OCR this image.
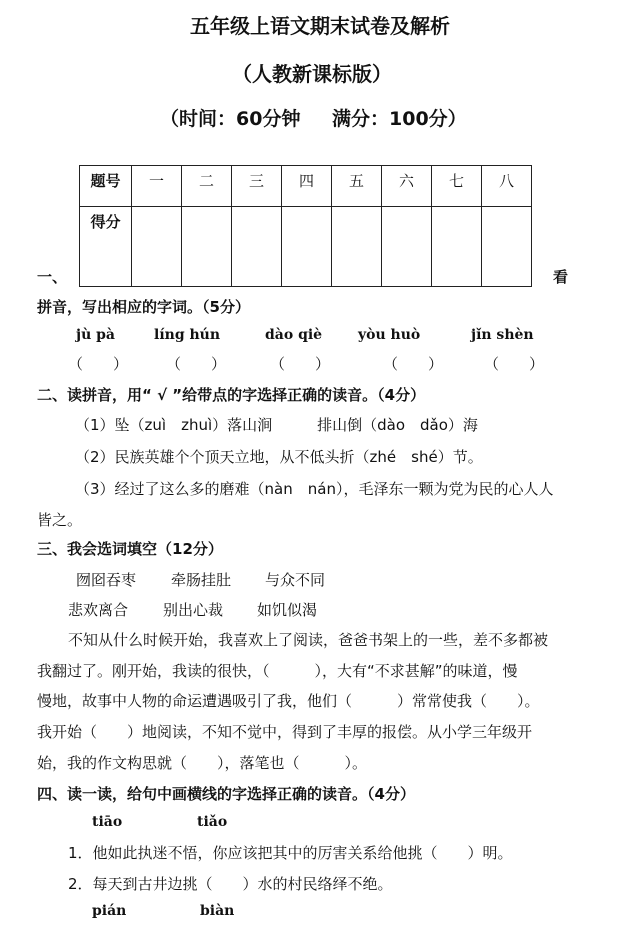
五年级上语文期末试卷及解析
（人教新课标版）
（时间：60分钟 满分：100分）
题号	一	二	三	四	五	六	七	八
得分								
一、	看
拼音，写出相应的字词。（5分）
jù pà	líng hún	dào qiè	yòu huò	jǐn shèn
（　　）	（　　）	（　　）	（　　）	（　　）
二、读拼音，用“ √ ”给带点的字选择正确的读音。（4分）
（1）坠（zuì　zhuì）落山涧　　　排山倒（dào　dǎo）海
（2）民族英雄个个顶天立地，从不低头折（zhé　shé）节。
（3）经过了这么多的磨难（nàn　nán），毛泽东一颗为党为民的心人人
皆之。
三、我会选词填空（12分）
囫囵吞枣 牵肠挂肚 与众不同
悲欢离合 别出心裁 如饥似渴
不知从什么时候开始，我喜欢上了阅读，爸爸书架上的一些，差不多都被
我翻过了。刚开始，我读的很快，（　　　），大有“不求甚解”的味道，慢
慢地，故事中人物的命运遭遇吸引了我，他们（　　　）常常使我（　　）。
我开始（　　）地阅读，不知不觉中，得到了丰厚的报偿。从小学三年级开
始，我的作文构思就（　　），落笔也（　　　）。
四、读一读，给句中画横线的字选择正确的读音。（4分）
tiāo	tiǎo
1．他如此执迷不悟，你应该把其中的厉害关系给他挑（　　）明。
2．每天到古井边挑（　　）水的村民络绎不绝。
pián	biàn
